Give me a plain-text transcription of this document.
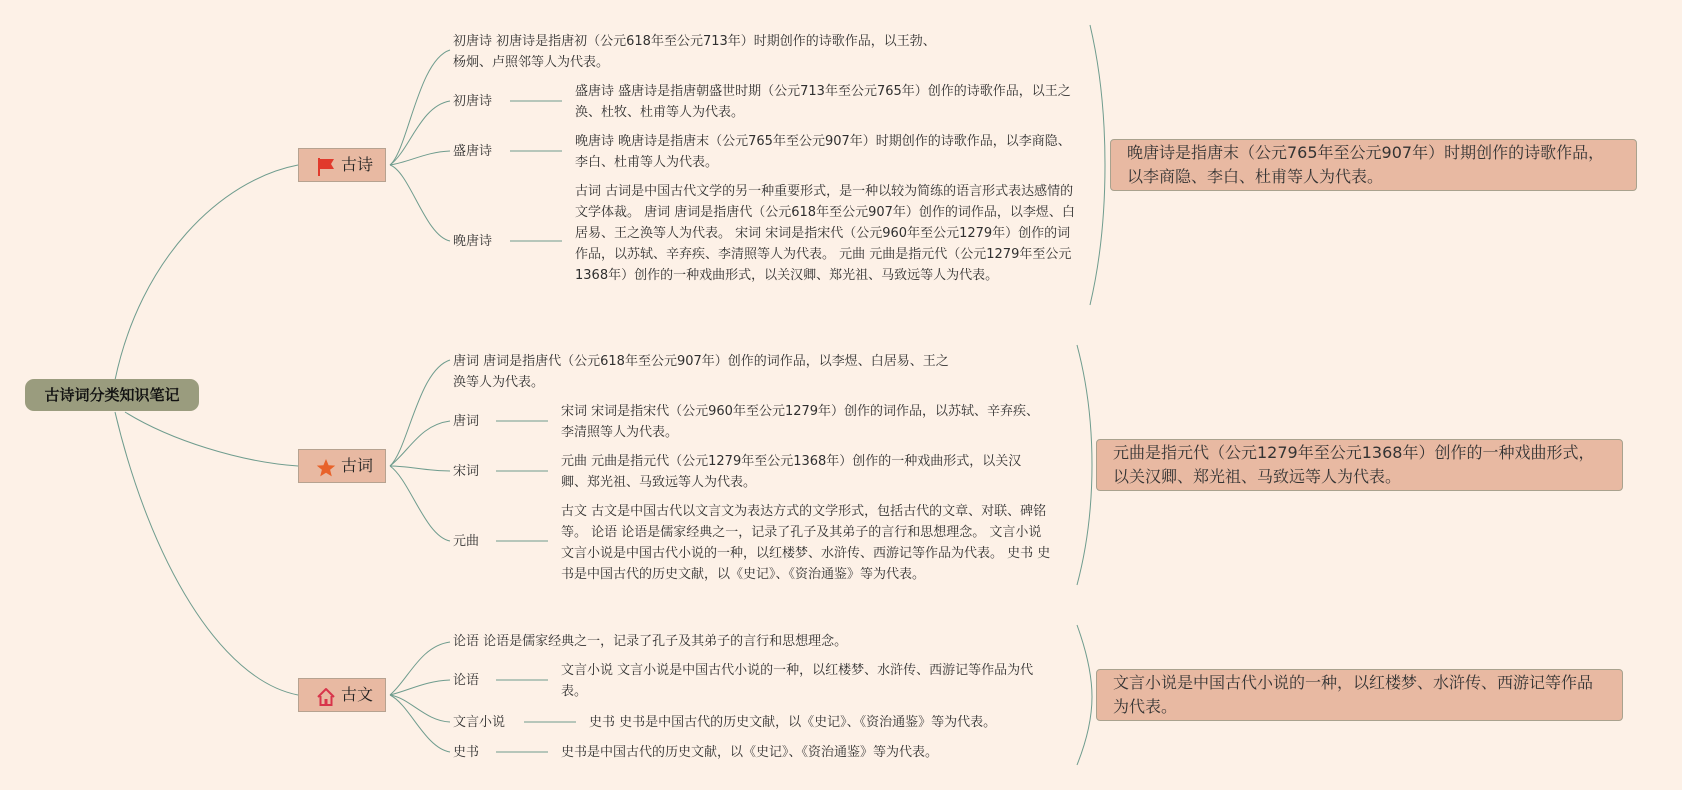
古诗词分类知识笔记
古诗
初唐诗 初唐诗是指唐初（公元618年至公元713年）时期创作的诗歌作品，以王勃、杨炯、卢照邻等人为代表。
初唐诗
盛唐诗
晚唐诗
盛唐诗 盛唐诗是指唐朝盛世时期（公元713年至公元765年）创作的诗歌作品，以王之涣、杜牧、杜甫等人为代表。
晚唐诗 晚唐诗是指唐末（公元765年至公元907年）时期创作的诗歌作品，以李商隐、李白、杜甫等人为代表。
古词 古词是中国古代文学的另一种重要形式，是一种以较为简练的语言形式表达感情的文学体裁。 唐词 唐词是指唐代（公元618年至公元907年）创作的词作品，以李煜、白居易、王之涣等人为代表。 宋词 宋词是指宋代（公元960年至公元1279年）创作的词作品，以苏轼、辛弃疾、李清照等人为代表。 元曲 元曲是指元代（公元1279年至公元1368年）创作的一种戏曲形式，以关汉卿、郑光祖、马致远等人为代表。
晚唐诗是指唐末（公元765年至公元907年）时期创作的诗歌作品，以李商隐、李白、杜甫等人为代表。
古词
唐词 唐词是指唐代（公元618年至公元907年）创作的词作品，以李煜、白居易、王之涣等人为代表。
唐词
宋词
元曲
宋词 宋词是指宋代（公元960年至公元1279年）创作的词作品，以苏轼、辛弃疾、李清照等人为代表。
元曲 元曲是指元代（公元1279年至公元1368年）创作的一种戏曲形式，以关汉卿、郑光祖、马致远等人为代表。
古文 古文是中国古代以文言文为表达方式的文学形式，包括古代的文章、对联、碑铭等。 论语 论语是儒家经典之一，记录了孔子及其弟子的言行和思想理念。 文言小说 文言小说是中国古代小说的一种，以红楼梦、水浒传、西游记等作品为代表。 史书 史书是中国古代的历史文献，以《史记》、《资治通鉴》等为代表。
元曲是指元代（公元1279年至公元1368年）创作的一种戏曲形式，以关汉卿、郑光祖、马致远等人为代表。
古文
论语 论语是儒家经典之一，记录了孔子及其弟子的言行和思想理念。
论语
文言小说
史书
文言小说 文言小说是中国古代小说的一种，以红楼梦、水浒传、西游记等作品为代表。
史书 史书是中国古代的历史文献，以《史记》、《资治通鉴》等为代表。
史书是中国古代的历史文献，以《史记》、《资治通鉴》等为代表。
文言小说是中国古代小说的一种，以红楼梦、水浒传、西游记等作品为代表。
